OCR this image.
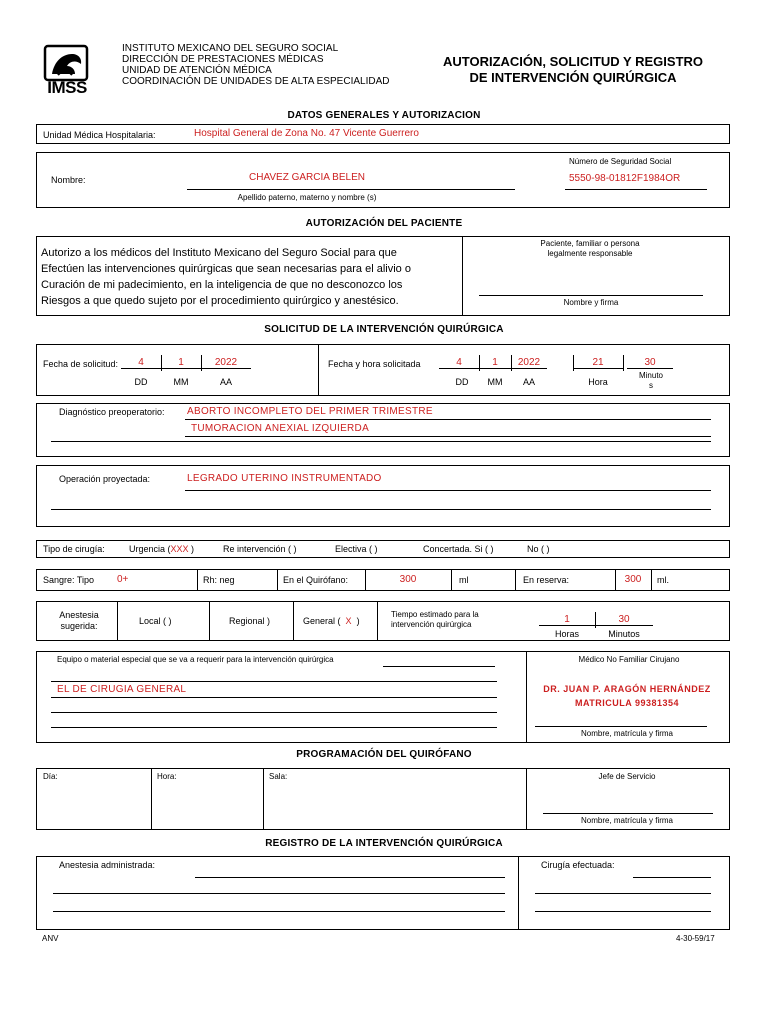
IMSS
INSTITUTO MEXICANO DEL SEGURO SOCIAL
DIRECCIÓN DE PRESTACIONES MÉDICAS
UNIDAD DE ATENCIÓN MÉDICA
COORDINACIÓN DE UNIDADES DE ALTA ESPECIALIDAD
AUTORIZACIÓN, SOLICITUD Y REGISTRO
DE INTERVENCIÓN QUIRÚRGICA
DATOS GENERALES Y AUTORIZACION
Unidad Médica Hospitalaria:	Hospital General de Zona No. 47 Vicente Guerrero
Nombre:	CHAVEZ GARCIA BELEN
Apellido paterno, materno y nombre (s)
Número de Seguridad Social
5550-98-01812F1984OR
AUTORIZACIÓN DEL PACIENTE
Autorizo a los médicos del Instituto Mexicano del Seguro Social para que
Efectúen las intervenciones quirúrgicas que sean necesarias para el alivio o
Curación de mi padecimiento, en la inteligencia de que no desconozco los
Riesgos a que quedo sujeto por el procedimiento quirúrgico y anestésico.
Paciente, familiar o persona
legalmente responsable
Nombre y firma
SOLICITUD DE LA INTERVENCIÓN QUIRÚRGICA
Fecha de solicitud:	4	1	2022
DD	MM	AA
Fecha y hora solicitada	4	1	2022	21	30
DD	MM	AA	Hora
Minuto
s
Diagnóstico preoperatorio: ABORTO INCOMPLETO DEL PRIMER TRIMESTRE
TUMORACION ANEXIAL IZQUIERDA
Operación proyectada:	LEGRADO UTERINO INSTRUMENTADO
Tipo de cirugía:	Urgencia (XXX )	Re intervención ( )	Electiva ( )	Concertada. Si ( )	No ( )
Sangre: Tipo 0+	Rh: neg	En el Quirófano:	300	ml	En reserva:	300	ml.
Anestesia
sugerida:	Local ( )	Regional )	General ( X )
Tiempo estimado para la
intervención quirúrgica	1	30
Horas	Minutos
Equipo o material especial que se va a requerir para la intervención quirúrgica
EL DE CIRUGIA GENERAL
Médico No Familiar Cirujano
DR. JUAN P. ARAGÓN HERNÁNDEZ
MATRICULA 99381354
Nombre, matrícula y firma
PROGRAMACIÓN DEL QUIRÓFANO
Día:	Hora:	Sala:	Jefe de Servicio
Nombre, matrícula y firma
REGISTRO DE LA INTERVENCIÓN QUIRÚRGICA
Anestesia administrada:	Cirugía efectuada:
ANV	4-30-59/17
